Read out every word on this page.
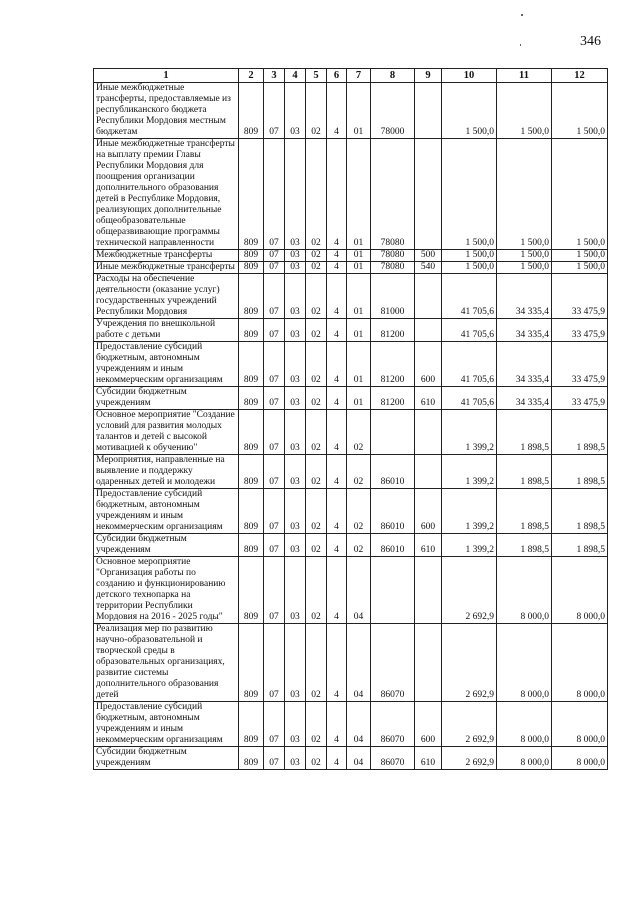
346
1	2	3	4	5	6	7	8	9	10	11	12
Иные межбюджетные трансферты, предоставляемые из республиканского бюджета Республики Мордовия местным бюджетам	809	07	03	02	4	01	78000		1 500,0	1 500,0	1 500,0
Иные межбюджетные трансферты на выплату премии Главы Республики Мордовия для поощрения организации дополнительного образования детей в Республике Мордовия, реализующих дополнительные общеобразовательные общеразвивающие программы технической направленности	809	07	03	02	4	01	78080		1 500,0	1 500,0	1 500,0
Межбюджетные трансферты	809	07	03	02	4	01	78080	500	1 500,0	1 500,0	1 500,0
Иные межбюджетные трансферты	809	07	03	02	4	01	78080	540	1 500,0	1 500,0	1 500,0
Расходы на обеспечение деятельности (оказание услуг) государственных учреждений Республики Мордовия	809	07	03	02	4	01	81000		41 705,6	34 335,4	33 475,9
Учреждения по внешкольной работе с детьми	809	07	03	02	4	01	81200		41 705,6	34 335,4	33 475,9
Предоставление субсидий бюджетным, автономным учреждениям и иным некоммерческим организациям	809	07	03	02	4	01	81200	600	41 705,6	34 335,4	33 475,9
Субсидии бюджетным учреждениям	809	07	03	02	4	01	81200	610	41 705,6	34 335,4	33 475,9
Основное мероприятие "Создание условий для развития молодых талантов и детей с высокой мотивацией к обучению"	809	07	03	02	4	02			1 399,2	1 898,5	1 898,5
Мероприятия, направленные на выявление и поддержку одаренных детей и молодежи	809	07	03	02	4	02	86010		1 399,2	1 898,5	1 898,5
Предоставление субсидий бюджетным, автономным учреждениям и иным некоммерческим организациям	809	07	03	02	4	02	86010	600	1 399,2	1 898,5	1 898,5
Субсидии бюджетным учреждениям	809	07	03	02	4	02	86010	610	1 399,2	1 898,5	1 898,5
Основное мероприятие "Организация работы по созданию и функционированию детского технопарка на территории Республики Мордовия на 2016 - 2025 годы"	809	07	03	02	4	04			2 692,9	8 000,0	8 000,0
Реализация мер по развитию научно-образовательной и творческой среды в образовательных организациях, развитие системы дополнительного образования детей	809	07	03	02	4	04	86070		2 692,9	8 000,0	8 000,0
Предоставление субсидий бюджетным, автономным учреждениям и иным некоммерческим организациям	809	07	03	02	4	04	86070	600	2 692,9	8 000,0	8 000,0
Субсидии бюджетным учреждениям	809	07	03	02	4	04	86070	610	2 692,9	8 000,0	8 000,0
